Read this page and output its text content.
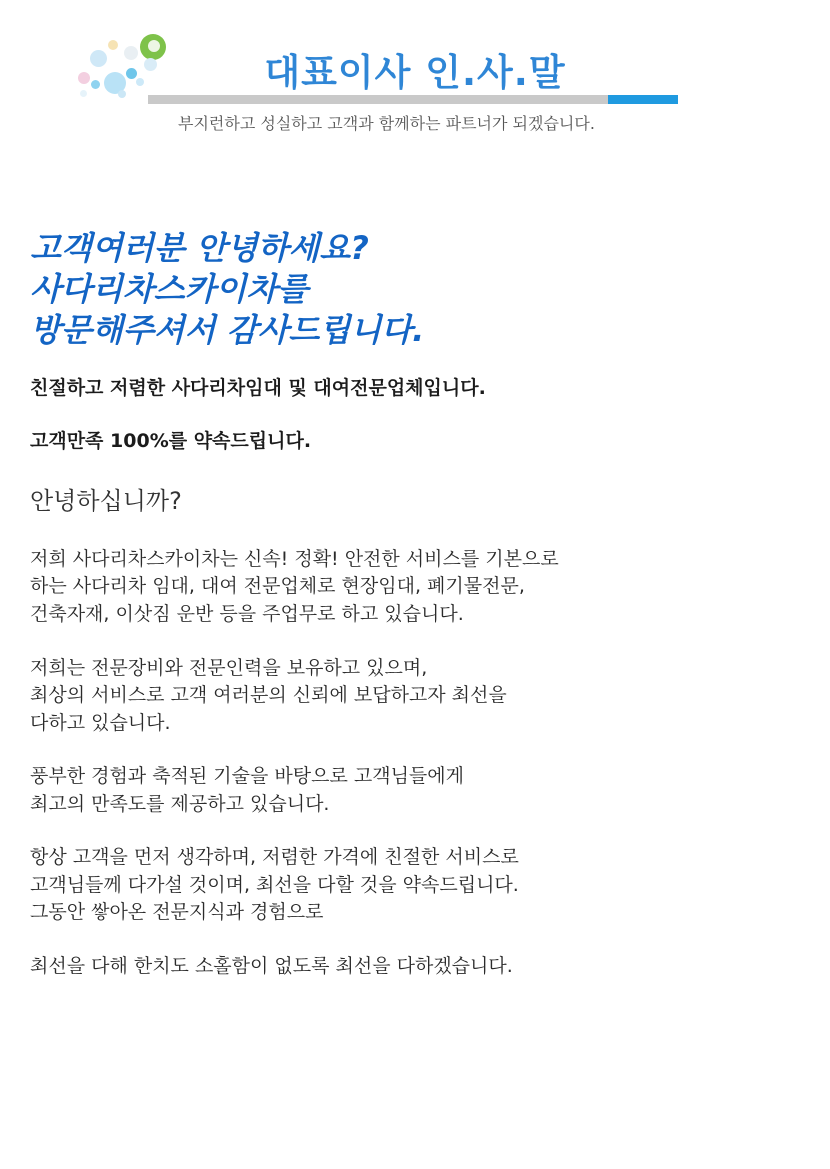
대표이사 인.사.말
부지런하고 성실하고 고객과 함께하는 파트너가 되겠습니다.
고객여러분 안녕하세요?
사다리차스카이차를
방문해주셔서 감사드립니다.

친절하고 저렴한 사다리차임대 및 대여전문업체입니다.

고객만족 100%를 약속드립니다.

안녕하십니까?

저희 사다리차스카이차는 신속! 정확! 안전한 서비스를 기본으로
하는 사다리차 임대, 대여 전문업체로 현장임대, 폐기물전문,
건축자재, 이삿짐 운반 등을 주업무로 하고 있습니다.
저희는 전문장비와 전문인력을 보유하고 있으며,
최상의 서비스로 고객 여러분의 신뢰에 보답하고자 최선을
다하고 있습니다.
풍부한 경험과 축적된 기술을 바탕으로 고객님들에게
최고의 만족도를 제공하고 있습니다.
항상 고객을 먼저 생각하며, 저렴한 가격에 친절한 서비스로
고객님들께 다가설 것이며, 최선을 다할 것을 약속드립니다.
그동안 쌓아온 전문지식과 경험으로
최선을 다해 한치도 소홀함이 없도록 최선을 다하겠습니다.
